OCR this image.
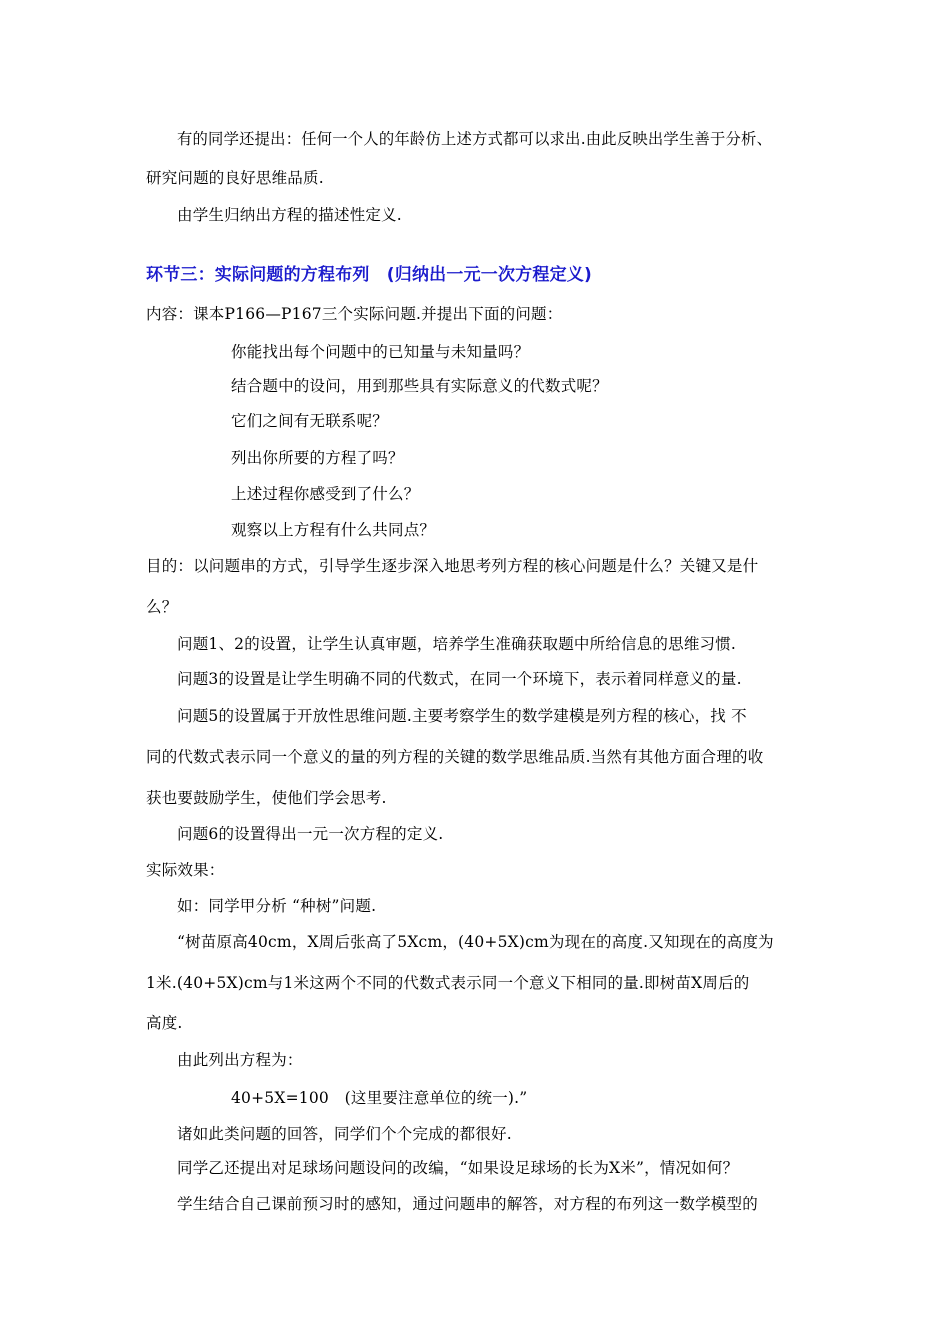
有的同学还提出：任何一个人的年龄仿上述方式都可以求出.由此反映出学生善于分析、

研究问题的良好思维品质.

由学生归纳出方程的描述性定义.

环节三：实际问题的方程布列　(归纳出一元一次方程定义)

内容：课本P166—P167三个实际问题.并提出下面的问题：

你能找出每个问题中的已知量与未知量吗？

结合题中的设问，用到那些具有实际意义的代数式呢？

它们之间有无联系呢？

列出你所要的方程了吗？

上述过程你感受到了什么？

观察以上方程有什么共同点？

目的：以问题串的方式，引导学生逐步深入地思考列方程的核心问题是什么？关键又是什

么？

问题1、2的设置，让学生认真审题，培养学生准确获取题中所给信息的思维习惯.

问题3的设置是让学生明确不同的代数式，在同一个环境下，表示着同样意义的量.

问题5的设置属于开放性思维问题.主要考察学生的数学建模是列方程的核心，找 不

同的代数式表示同一个意义的量的列方程的关键的数学思维品质.当然有其他方面合理的收

获也要鼓励学生，使他们学会思考.

问题6的设置得出一元一次方程的定义.

实际效果：

如：同学甲分析 “种树”问题.

“树苗原高40cm，X周后张高了5Xcm，(40+5X)cm为现在的高度.又知现在的高度为

1米.(40+5X)cm与1米这两个不同的代数式表示同一个意义下相同的量.即树苗X周后的

高度.

由此列出方程为：

40+5X=100　(这里要注意单位的统一).”

诸如此类问题的回答，同学们个个完成的都很好.

同学乙还提出对足球场问题设问的改编，“如果设足球场的长为X米”，情况如何？

学生结合自己课前预习时的感知，通过问题串的解答，对方程的布列这一数学模型的
